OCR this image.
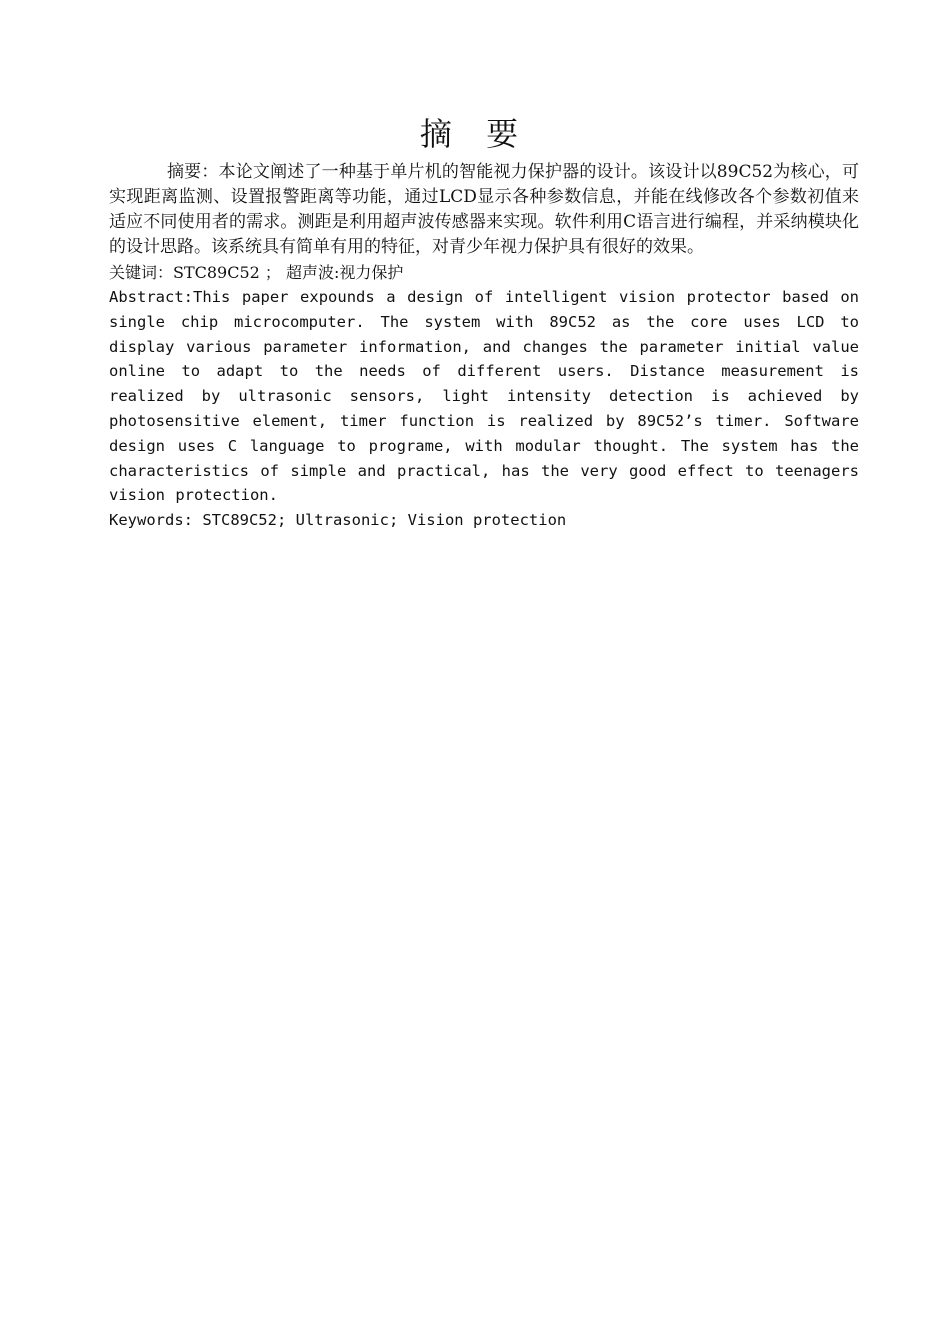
摘 要

摘要：本论文阐述了一种基于单片机的智能视力保护器的设计。该设计以89C52为核心，可实现距离监测、设置报警距离等功能，通过LCD显示各种参数信息，并能在线修改各个参数初值来适应不同使用者的需求。测距是利用超声波传感器来实现。软件利用C语言进行编程，并采纳模块化的设计思路。该系统具有简单有用的特征，对青少年视力保护具有很好的效果。

关键词：STC89C52 ； 超声波:视力保护

Abstract:This paper expounds a design of intelligent vision protector based on single chip microcomputer. The system with 89C52 as the core uses LCD to display various parameter information, and changes the parameter initial value online to adapt to the needs of different users. Distance measurement is realized by ultrasonic sensors, light intensity detection is achieved by photosensitive element, timer function is realized by 89C52’s timer. Software design uses C language to programe, with modular thought. The system has the characteristics of simple and practical, has the very good effect to teenagers vision protection.

Keywords: STC89C52; Ultrasonic; Vision protection
